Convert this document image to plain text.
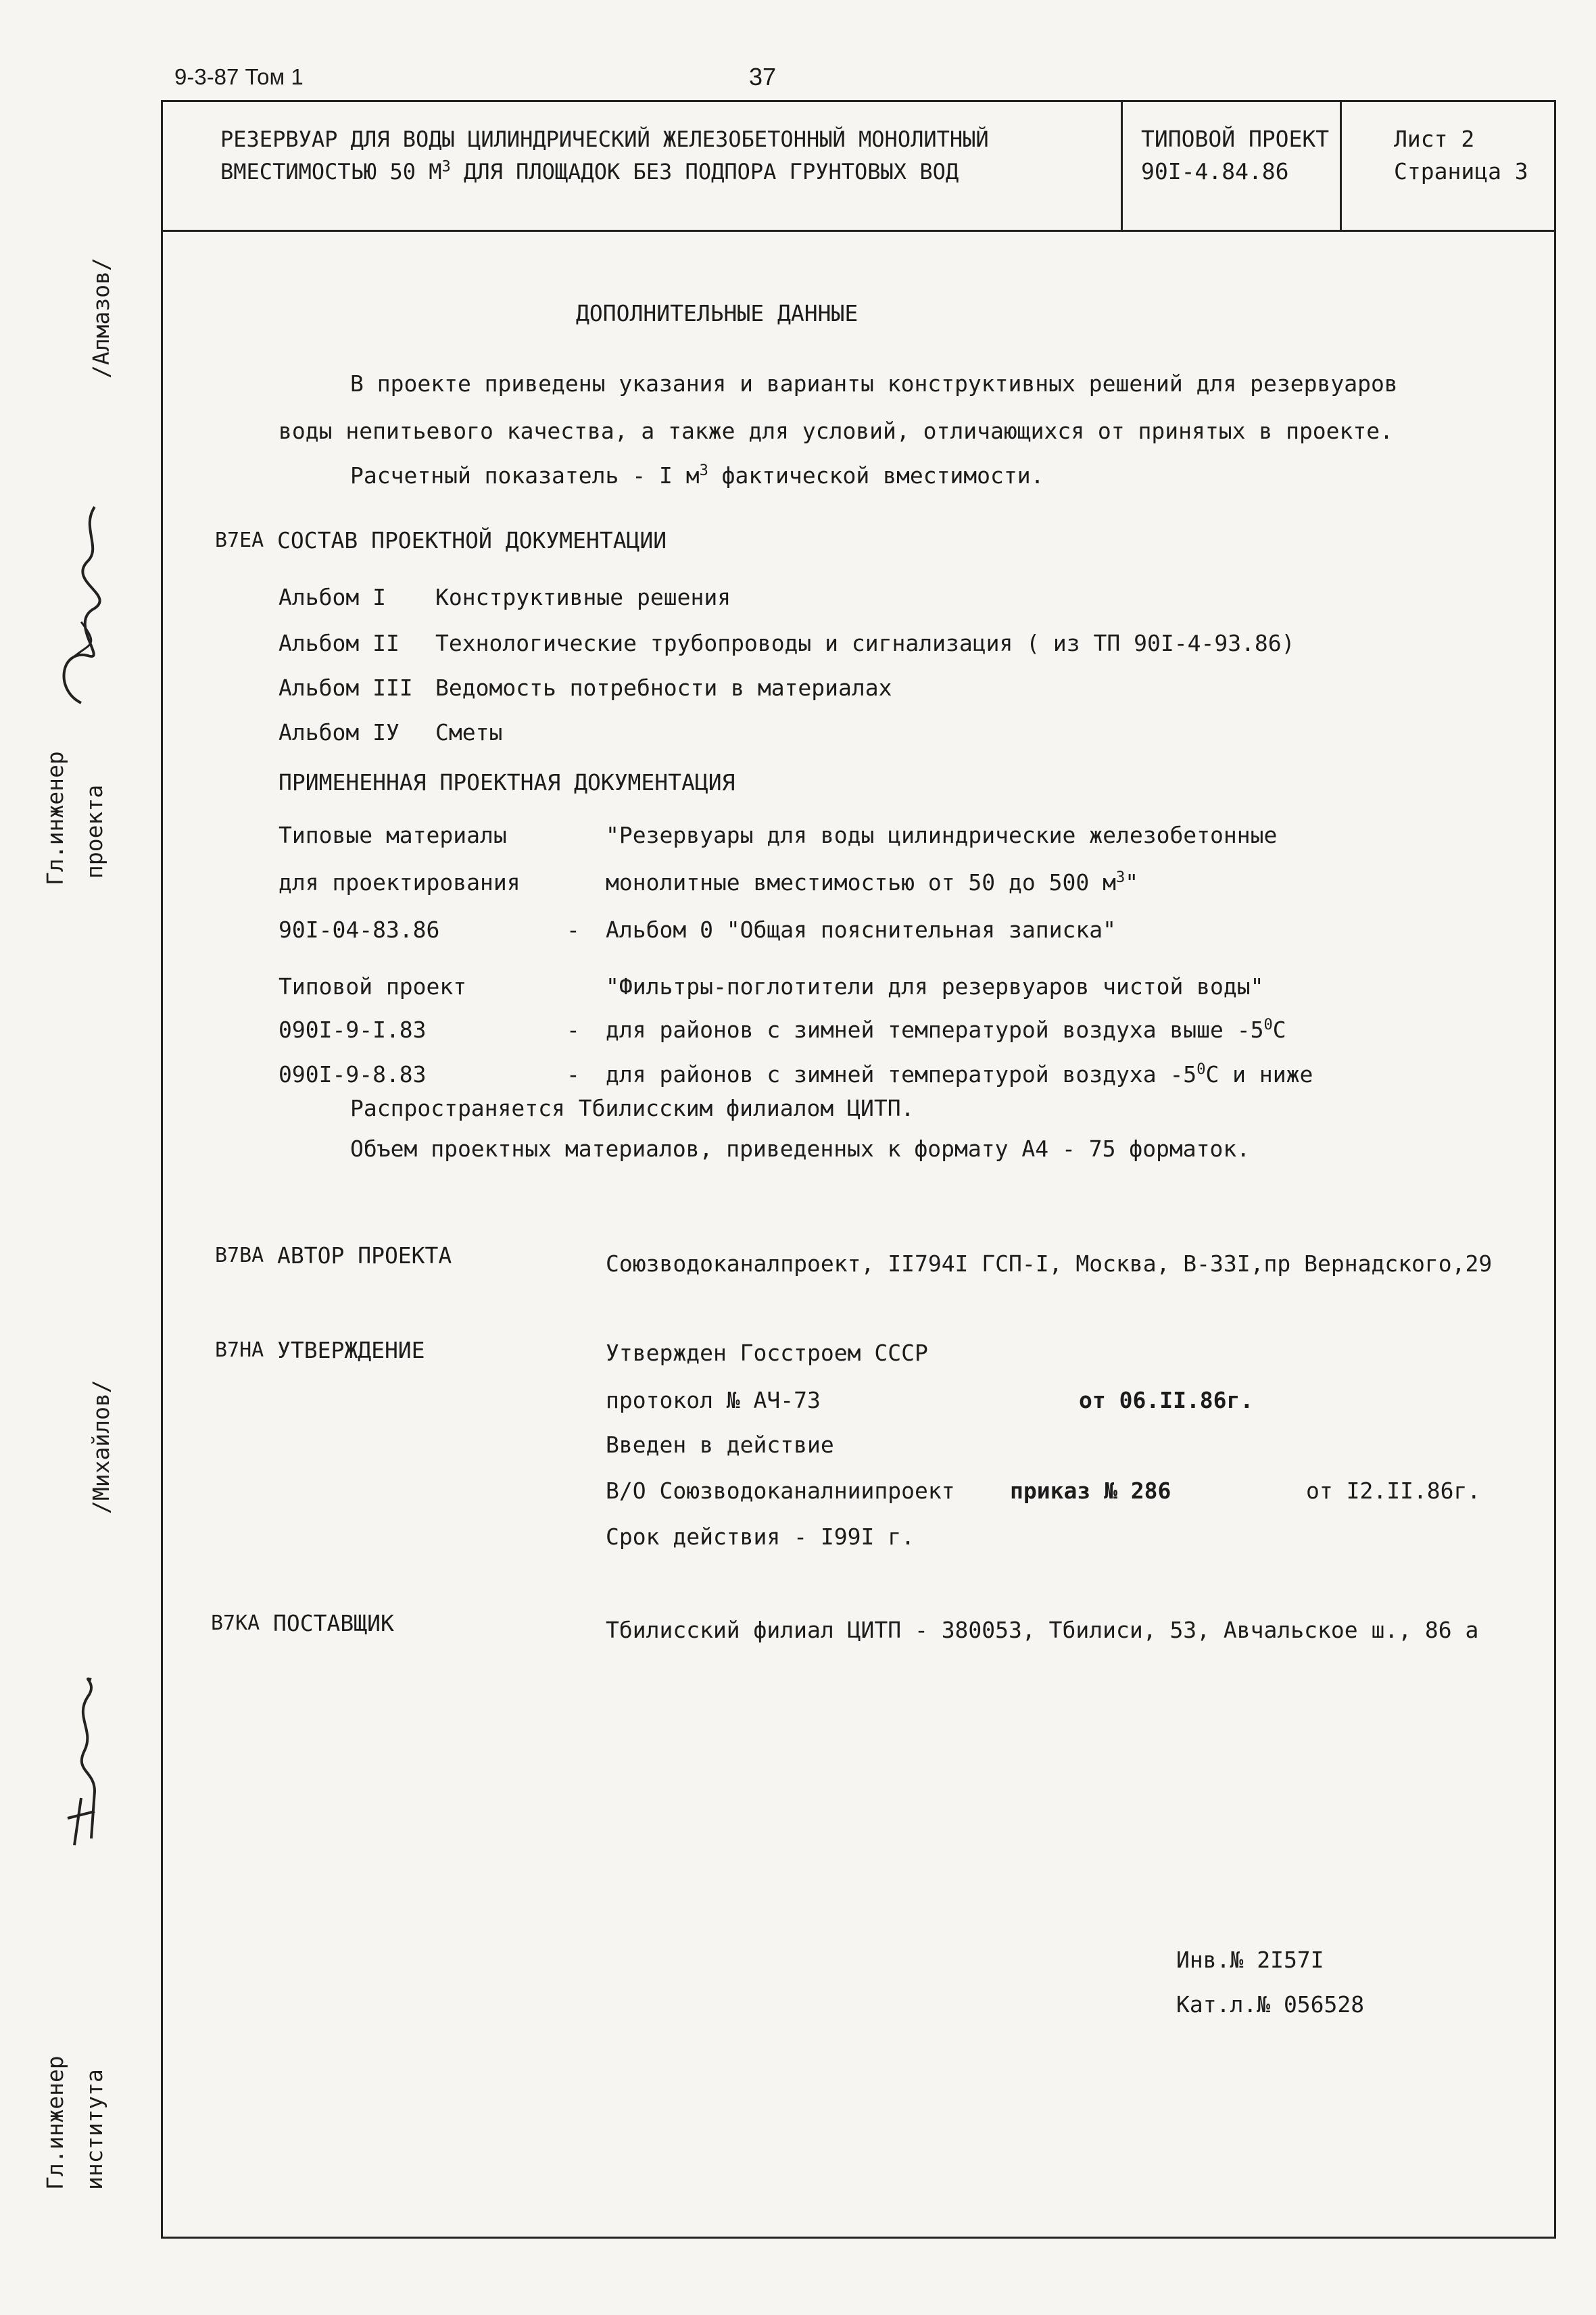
9-3-87 Том 1	37
РЕЗЕРВУАР ДЛЯ ВОДЫ ЦИЛИНДРИЧЕСКИЙ ЖЕЛЕЗОБЕТОННЫЙ МОНОЛИТНЫЙ
ВМЕСТИМОСТЬЮ 50 $М^3$ ДЛЯ ПЛОЩАДОК БЕЗ ПОДПОРА ГРУНТОВЫХ ВОД
ТИПОВОЙ ПРОЕКТ
90I-4.84.86
Лист 2
Страница 3
/Алмазов/
Гл.инженер проекта
/Михайлов/
Гл.инженер института
ДОПОЛНИТЕЛЬНЫЕ ДАННЫЕ
В проекте приведены указания и варианты конструктивных решений для резервуаров
воды непитьевого качества, а также для условий, отличающихся от принятых в проекте.
Расчетный показатель - I $м^3$ фактической вместимости.
В7ЕА СОСТАВ ПРОЕКТНОЙ ДОКУМЕНТАЦИИ
Альбом I Конструктивные решения
Альбом II Технологические трубопроводы и сигнализация ( из ТП 90I-4-93.86)
Альбом III Ведомость потребности в материалах
Альбом IУ Сметы
ПРИМЕНЕННАЯ ПРОЕКТНАЯ ДОКУМЕНТАЦИЯ
Типовые материалы	"Резервуары для воды цилиндрические железобетонные
для проектирования	монолитные вместимостью от 50 до 500 $м^3$"
90I-04-83.86	- Альбом 0 "Общая пояснительная записка"
Типовой проект	"Фильтры-поглотители для резервуаров чистой воды"
090I-9-I.83	- для районов с зимней температурой воздуха выше $-5^0С$
090I-9-8.83	- для районов с зимней температурой воздуха $-5^0С$ и ниже
Распространяется Тбилисским филиалом ЦИТП.
Объем проектных материалов, приведенных к формату А4 - 75 форматок.
В7ВА АВТОР ПРОЕКТА	Союзводоканалпроект, II794I ГСП-I, Москва, В-33I,пр Вернадского,29
В7НА УТВЕРЖДЕНИЕ	Утвержден Госстроем СССР
протокол № АЧ-73	от 06.II.86г.
Введен в действие
В/О Союзводоканалниипроект приказ № 286	от I2.II.86г.
Срок действия - I99I г.
В7КА ПОСТАВЩИК	Тбилисский филиал ЦИТП - 380053, Тбилиси, 53, Авчальское ш., 86 а
Инв.№ 2I57I
Кат.л.№ 056528
